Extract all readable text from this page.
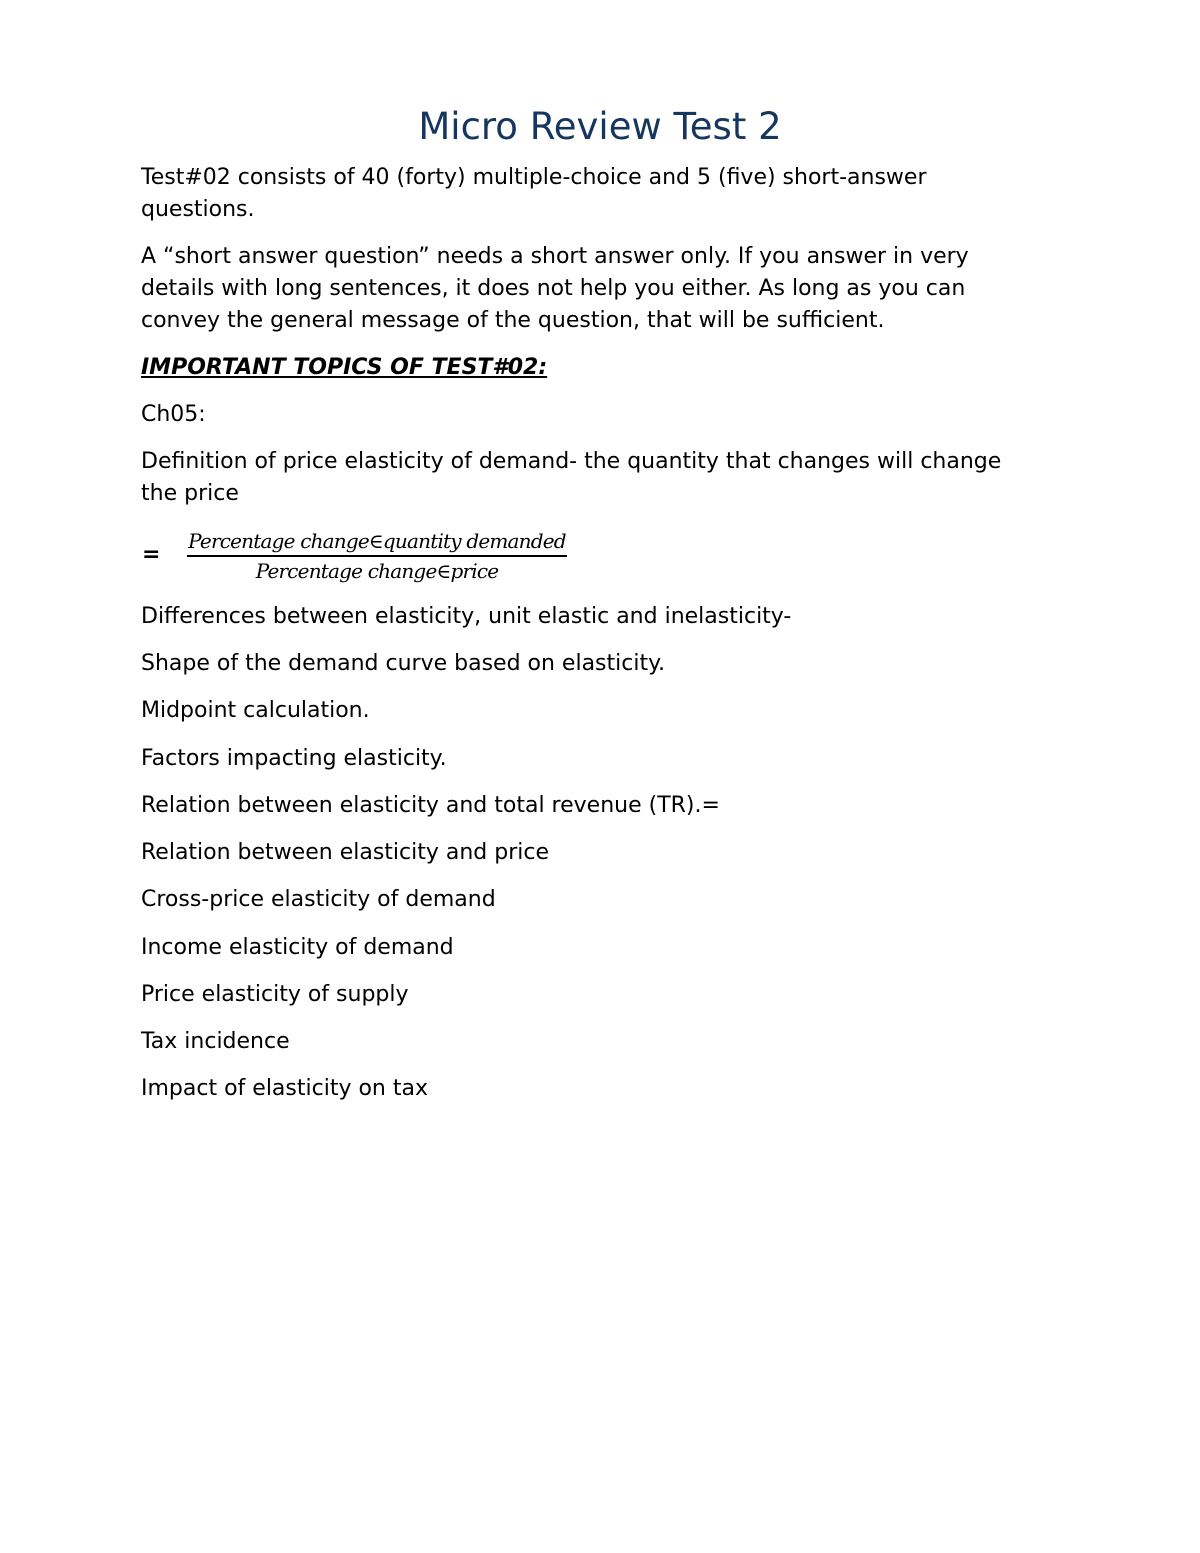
Micro Review Test 2

Test#02 consists of 40 (forty) multiple-choice and 5 (five) short-answer questions.

A “short answer question” needs a short answer only. If you answer in very details with long sentences, it does not help you either. As long as you can convey the general message of the question, that will be sufficient.

IMPORTANT TOPICS OF TEST#02:
Ch05:

Definition of price elasticity of demand- the quantity that changes will change the price

=
Percentage change∈quantity demanded
Percentage change∈price
Differences between elasticity, unit elastic and inelasticity-
Shape of the demand curve based on elasticity.
Midpoint calculation.
Factors impacting elasticity.
Relation between elasticity and total revenue (TR).=
Relation between elasticity and price
Cross-price elasticity of demand
Income elasticity of demand
Price elasticity of supply
Tax incidence
Impact of elasticity on tax
